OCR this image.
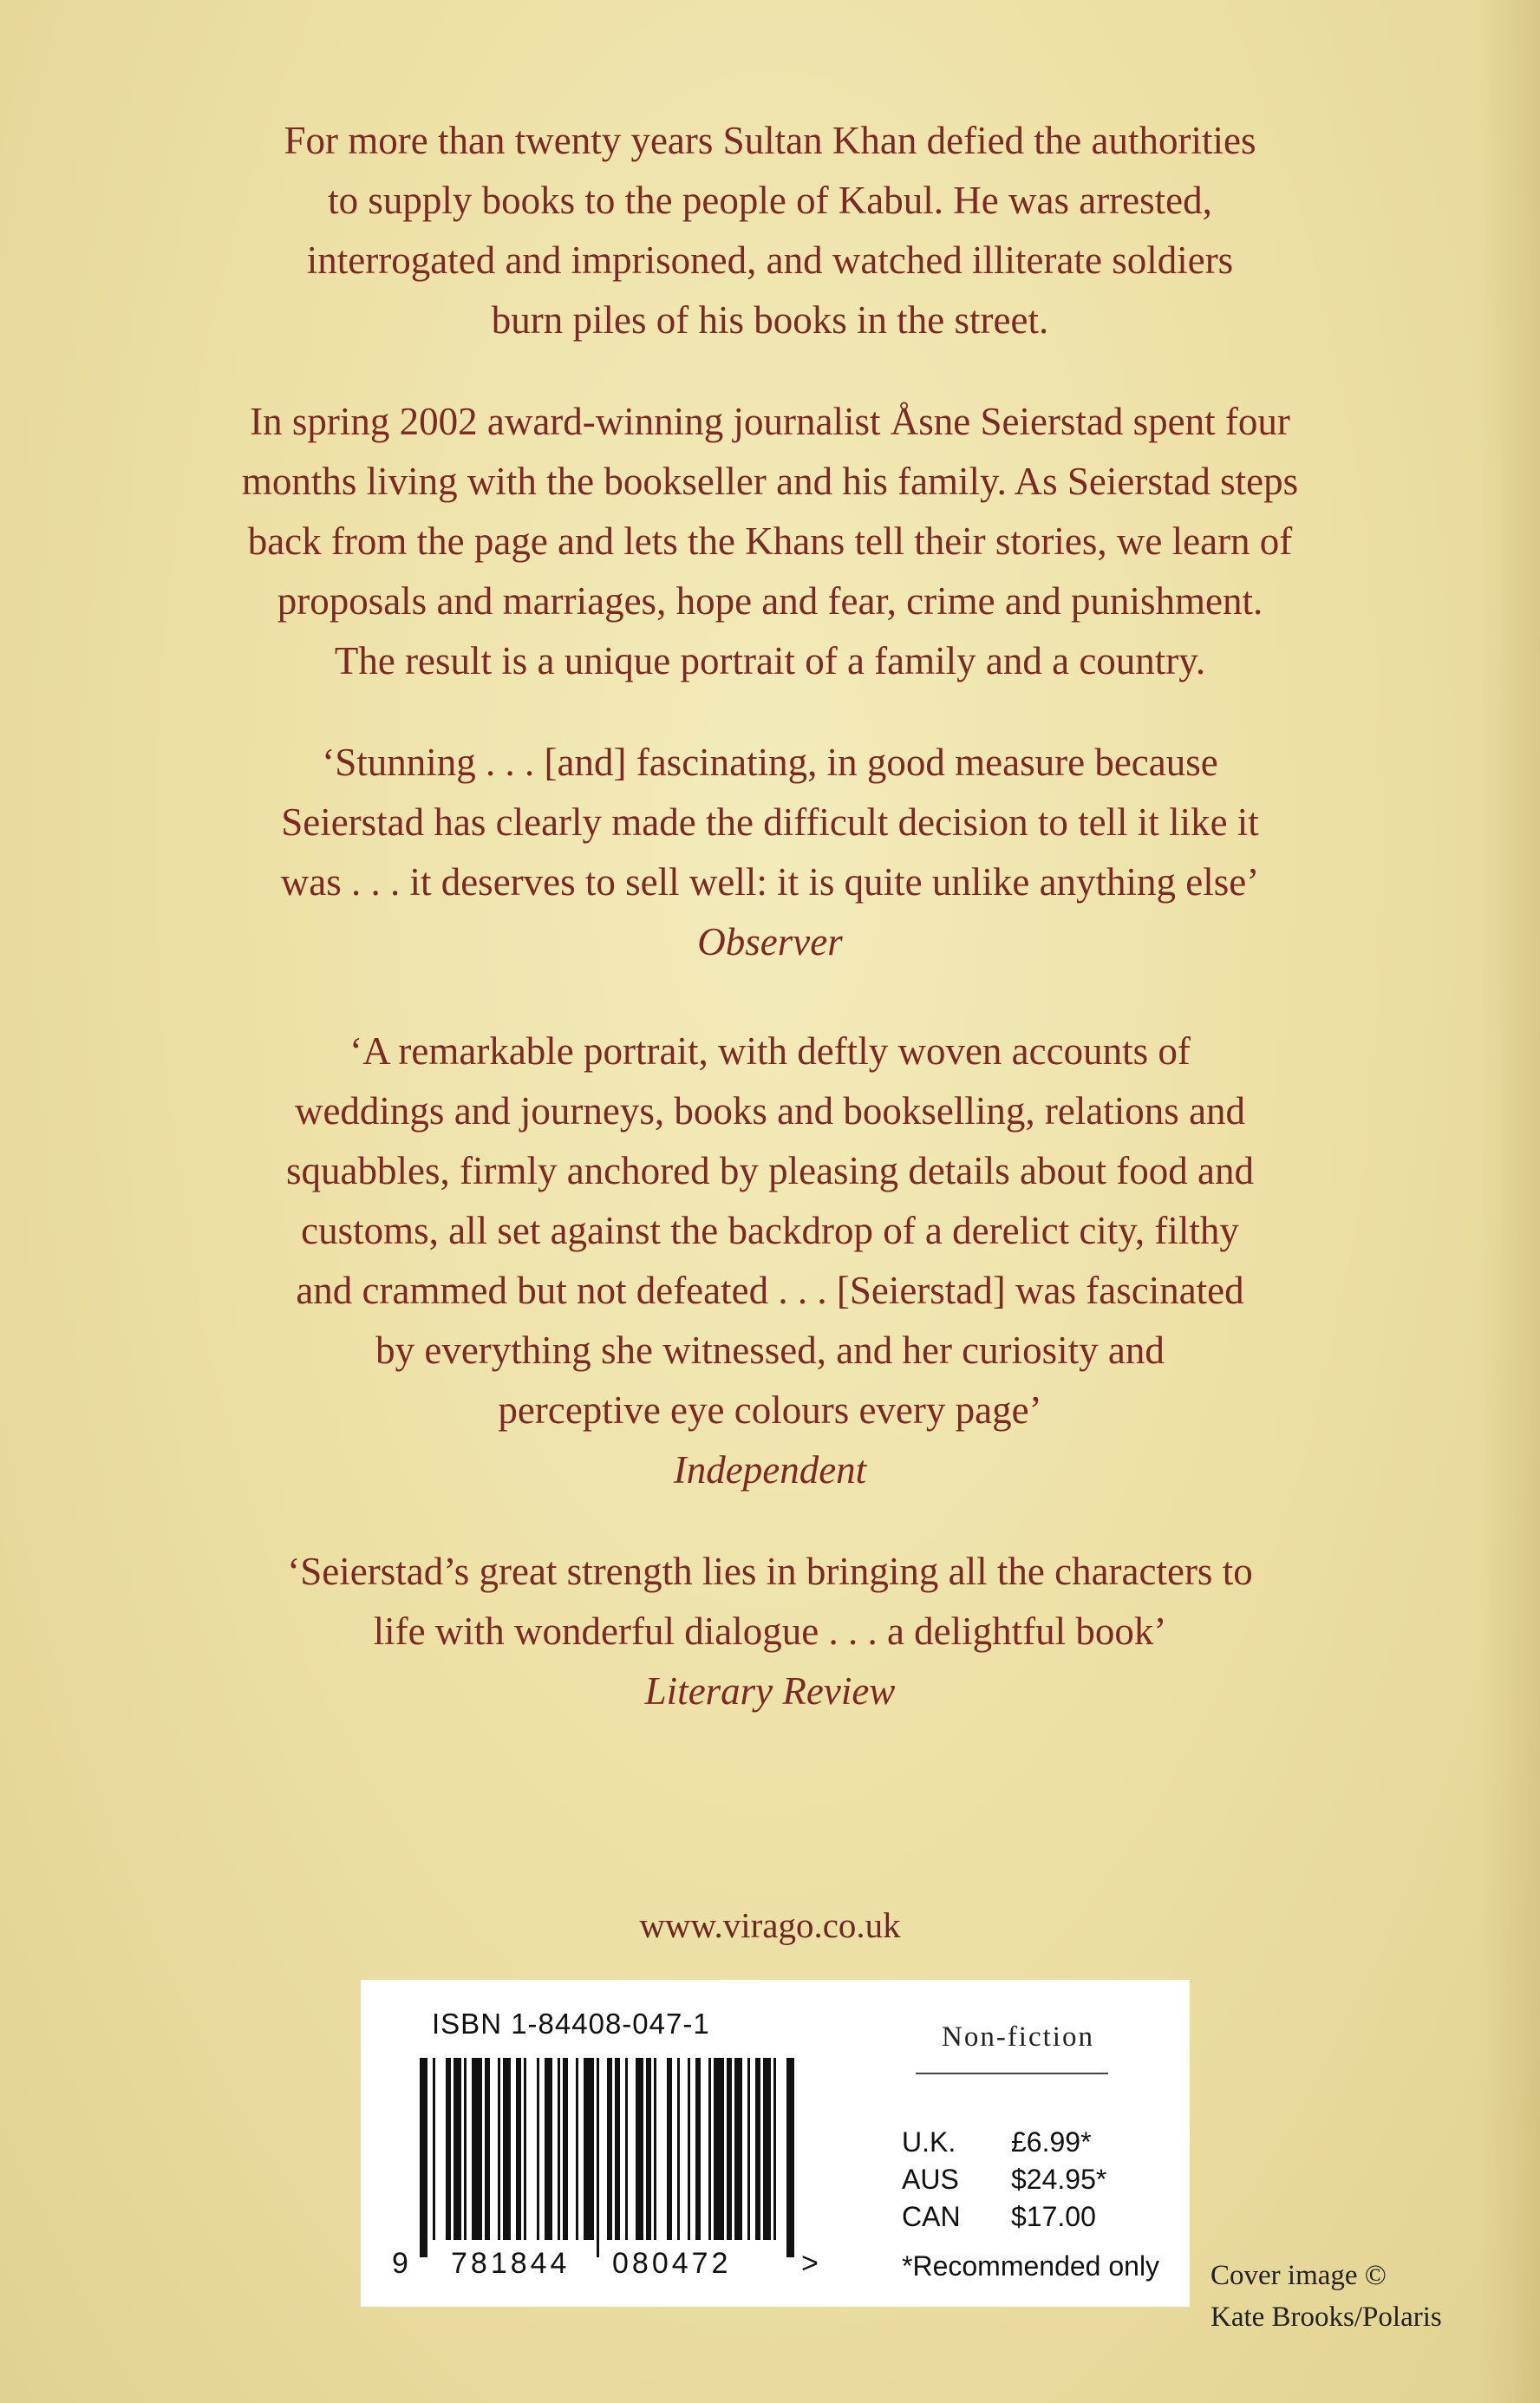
For more than twenty years Sultan Khan defied the authorities
to supply books to the people of Kabul. He was arrested,
interrogated and imprisoned, and watched illiterate soldiers
burn piles of his books in the street.

In spring 2002 award-winning journalist Åsne Seierstad spent four
months living with the bookseller and his family. As Seierstad steps
back from the page and lets the Khans tell their stories, we learn of
proposals and marriages, hope and fear, crime and punishment.
The result is a unique portrait of a family and a country.

‘Stunning . . . [and] fascinating, in good measure because
Seierstad has clearly made the difficult decision to tell it like it
was . . . it deserves to sell well: it is quite unlike anything else’
Observer

‘A remarkable portrait, with deftly woven accounts of
weddings and journeys, books and bookselling, relations and
squabbles, firmly anchored by pleasing details about food and
customs, all set against the backdrop of a derelict city, filthy
and crammed but not defeated . . . [Seierstad] was fascinated
by everything she witnessed, and her curiosity and
perceptive eye colours every page’
Independent

‘Seierstad’s great strength lies in bringing all the characters to
life with wonderful dialogue . . . a delightful book’
Literary Review

www.virago.co.uk
ISBN 1-84408-047-1
9 781844 080472 >
Non-fiction
U.K. £6.99*
AUS $24.95*
CAN $17.00
*Recommended only Cover image ©
Kate Brooks/Polaris
